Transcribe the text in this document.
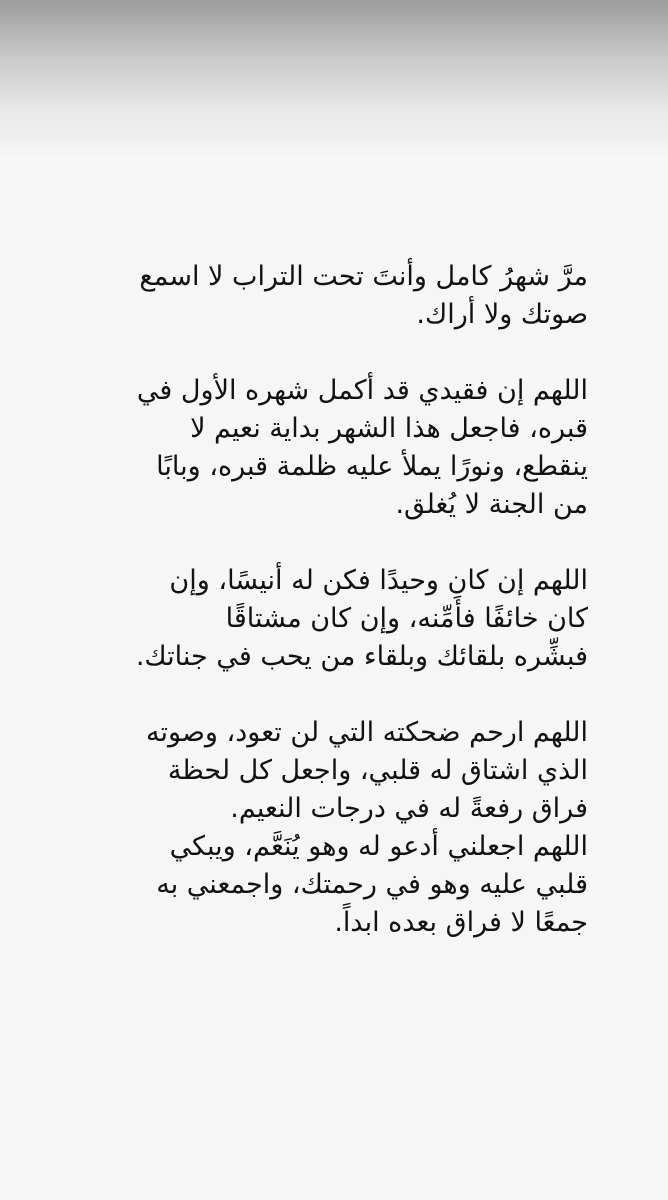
مرَّ شهرُ كامل وأنتَ تحت التراب لا اسمع
صوتك ولا أراك.
اللهم إن فقيدي قد أكمل شهره الأول في
قبره، فاجعل هذا الشهر بداية نعيم لا
ينقطع، ونورًا يملأ عليه ظلمة قبره، وبابًا
من الجنة لا يُغلق.
اللهم إن كانِ وحيدًا فكن له أنيسًا، وإن
كان خائفًا فأمِّنه، وإن كان مشتاقًا
فبشِّره بلقائك وبلقاء من يحب في جناتك.
اللهم ارحم ضحكته التي لن تعود، وصوته
الذي اشتاق له قلبي، واجعل كل لحظة
فراق رفعةً له في درجات النعيم.
اللهم اجعلني أدعو له وهو يُنَعَّم، ويبكي
قلبي عليه وهو في رحمتك، واجمعني به
جمعًا لا فراق بعده ابداً.
